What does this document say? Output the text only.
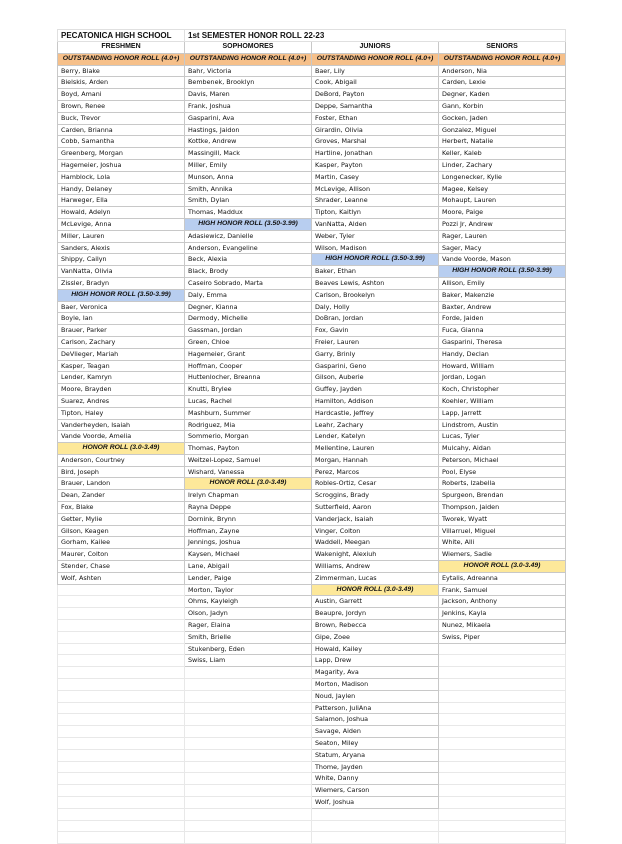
PECATONICA HIGH SCHOOL	1st SEMESTER HONOR ROLL 22-23		
FRESHMEN	SOPHOMORES	JUNIORS	SENIORS
OUTSTANDING HONOR ROLL (4.0+)	OUTSTANDING HONOR ROLL (4.0+)	OUTSTANDING HONOR ROLL (4.0+)	OUTSTANDING HONOR ROLL (4.0+)
Berry, Blake	Bahr, Victoria	Baer, Lily	Anderson, Nia
Bielskis, Arden	Bembenek, Brooklyn	Cook, Abigail	Carden, Lexie
Boyd, Amani	Davis, Maren	DeBord, Payton	Degner, Kaden
Brown, Renee	Frank, Joshua	Deppe, Samantha	Gann, Korbin
Buck, Trevor	Gasparini, Ava	Foster, Ethan	Gocken, Jaden
Carden, Brianna	Hastings, Jaidon	Girardin, Olivia	Gonzalez, Miguel
Cobb, Samantha	Kottke, Andrew	Groves, Marshal	Herbert, Natalie
Greenberg, Morgan	Massingill, Mack	Hartline, Jonathan	Keller, Kaleb
Hagemeier, Joshua	Miller, Emily	Kasper, Payton	Linder, Zachary
Hamblock, Lola	Munson, Anna	Martin, Casey	Longenecker, Kylie
Handy, Delaney	Smith, Annika	McLevige, Allison	Magee, Kelsey
Harweger, Ella	Smith, Dylan	Shrader, Leanne	Mohaupt, Lauren
Howald, Adelyn	Thomas, Maddux	Tipton, Kaitlyn	Moore, Paige
McLevige, Anna	HIGH HONOR ROLL (3.50-3.99)	VanNatta, Alden	Pozzi Jr, Andrew
Miller, Lauren	Adasiewicz, Danielle	Weber, Tyler	Rager, Lauren
Sanders, Alexis	Anderson, Evangeline	Wilson, Madison	Sager, Macy
Shippy, Cailyn	Beck, Alexia	HIGH HONOR ROLL (3.50-3.99)	Vande Voorde, Mason
VanNatta, Olivia	Black, Brody	Baker, Ethan	HIGH HONOR ROLL (3.50-3.99)
Zissler, Bradyn	Caseiro Sobrado, Marta	Beaves Lewis, Ashton	Allison, Emily
HIGH HONOR ROLL (3.50-3.99)	Daly, Emma	Carlson, Brookelyn	Baker, Makenzie
Baer, Veronica	Degner, Kianna	Daly, Holly	Baxter, Andrew
Boyle, Ian	Dermody, Michelle	DoBran, Jordan	Forde, Jaiden
Brauer, Parker	Gassman, Jordan	Fox, Gavin	Fuca, Gianna
Carlson, Zachary	Green, Chloe	Freier, Lauren	Gasparini, Theresa
DeVlieger, Mariah	Hagemeier, Grant	Garry, Brinly	Handy, Declan
Kasper, Teagan	Hoffman, Cooper	Gasparini, Geno	Howard, William
Lender, Kamryn	Huttenlocher, Breanna	Gilson, Auberie	Jordan, Logan
Moore, Brayden	Knutti, Brylee	Guffey, Jayden	Koch, Christopher
Suarez, Andres	Lucas, Rachel	Hamilton, Addison	Koehler, William
Tipton, Haley	Mashburn, Summer	Hardcastle, Jeffrey	Lapp, Jarrett
Vanderheyden, Isaiah	Rodriguez, Mia	Leahr, Zachary	Lindstrom, Austin
Vande Voorde, Amelia	Sommerio, Morgan	Lender, Katelyn	Lucas, Tyler
HONOR ROLL (3.0-3.49)	Thomas, Payton	Mellentine, Lauren	Mulcahy, Aidan
Anderson, Courtney	Weitzel-Lopez, Samuel	Morgan, Hannah	Peterson, Michael
Bird, Joseph	Wishard, Vanessa	Perez, Marcos	Pool, Elyse
Brauer, Landon	HONOR ROLL (3.0-3.49)	Robles-Ortiz, Cesar	Roberts, Izabella
Dean, Zander	Irelyn Chapman	Scroggins, Brady	Spurgeon, Brendan
Fox, Blake	Rayna Deppe	Sutterfield, Aaron	Thompson, Jaiden
Getter, Mylie	Dornink, Brynn	Vanderjack, Isaiah	Tworek, Wyatt
Gilson, Keagen	Hoffman, Zayne	Vinger, Colton	Villarruel, Miguel
Gorham, Kailee	Jennings, Joshua	Waddell, Meegan	White, Alli
Maurer, Colton	Kaysen, Michael	Wakenight, Alexiuh	Wiemers, Sadie
Stender, Chase	Lane, Abigail	Williams, Andrew	HONOR ROLL (3.0-3.49)
Wolf, Ashten	Lender, Paige	Zimmerman, Lucas	Eytalis, Adreanna
	Morton, Taylor	HONOR ROLL (3.0-3.49)	Frank, Samuel
	Ohms, Kayleigh	Austin, Garrett	Jackson, Anthony
	Olson, Jadyn	Beaupre, Jordyn	Jenkins, Kayla
	Rager, Elaina	Brown, Rebecca	Nunez, Mikaela
	Smith, Brielle	Gipe, Zoee	Swiss, Piper
	Stukenberg, Eden	Howald, Kailey	
	Swiss, Liam	Lapp, Drew	
		Magarity, Ava	
		Morton, Madison	
		Noud, Jaylen	
		Patterson, JuliAna	
		Salamon, Joshua	
		Savage, Aiden	
		Seaton, Miley	
		Statum, Aryana	
		Thome, Jayden	
		White, Danny	
		Wiemers, Carson	
		Wolf, Joshua	
